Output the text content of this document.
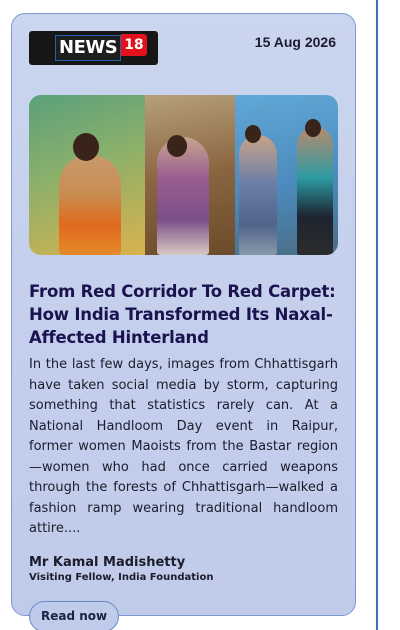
NEWS 18	15 Aug 2026
From Red Corridor To Red Carpet: How India Transformed Its Naxal-Affected Hinterland

In the last few days, images from Chhattisgarh have taken social media by storm, capturing something that statistics rarely can. At a National Handloom Day event in Raipur, former women Maoists from the Bastar region—women who had once carried weapons through the forests of Chhattisgarh—walked a fashion ramp wearing traditional handloom attire....

Mr Kamal Madishetty
Visiting Fellow, India Foundation
Read now
